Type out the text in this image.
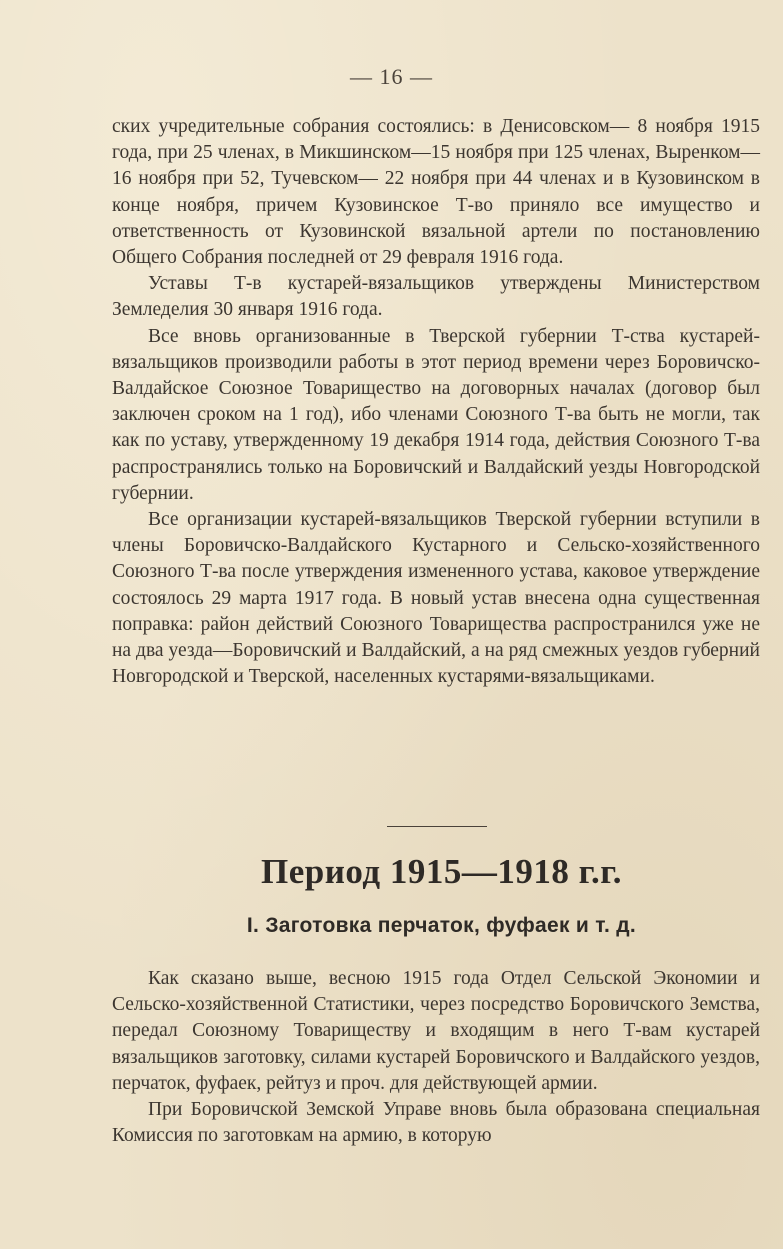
— 16 —

ских учредительные собрания состоялись: в Денисовском— 8 ноября 1915 года, при 25 членах, в Микшинском—15 ноября при 125 членах, Выренком—16 ноября при 52, Тучевском— 22 ноября при 44 членах и в Кузовинском в конце ноября, причем Кузовинское Т-во приняло все имущество и ответственность от Кузовинской вязальной артели по постановлению Общего Собрания последней от 29 февраля 1916 года.

Уставы Т-в кустарей-вязальщиков утверждены Министерством Земледелия 30 января 1916 года.

Все вновь организованные в Тверской губернии Т-ства кустарей-вязальщиков производили работы в этот период времени через Боровичско-Валдайское Союзное Товарищество на договорных началах (договор был заключен сроком на 1 год), ибо членами Союзного Т-ва быть не могли, так как по уставу, утвержденному 19 декабря 1914 года, действия Союзного Т-ва распространялись только на Боровичский и Валдайский уезды Новгородской губернии.

Все организации кустарей-вязальщиков Тверской губернии вступили в члены Боровичско-Валдайского Кустарного и Сельско-хозяйственного Союзного Т-ва после утверждения измененного устава, каковое утверждение состоялось 29 марта 1917 года. В новый устав внесена одна существенная поправка: район действий Союзного Товарищества распространился уже не на два уезда—Боровичский и Валдайский, а на ряд смежных уездов губерний Новгородской и Тверской, населенных кустарями-вязальщиками.

Период 1915—1918 г.г.
I. Заготовка перчаток, фуфаек и т. д.

Как сказано выше, весною 1915 года Отдел Сельской Экономии и Сельско-хозяйственной Статистики, через посредство Боровичского Земства, передал Союзному Товариществу и входящим в него Т-вам кустарей вязальщиков заготовку, силами кустарей Боровичского и Валдайского уездов, перчаток, фуфаек, рейтуз и проч. для действующей армии.

При Боровичской Земской Управе вновь была образована специальная Комиссия по заготовкам на армию, в которую
